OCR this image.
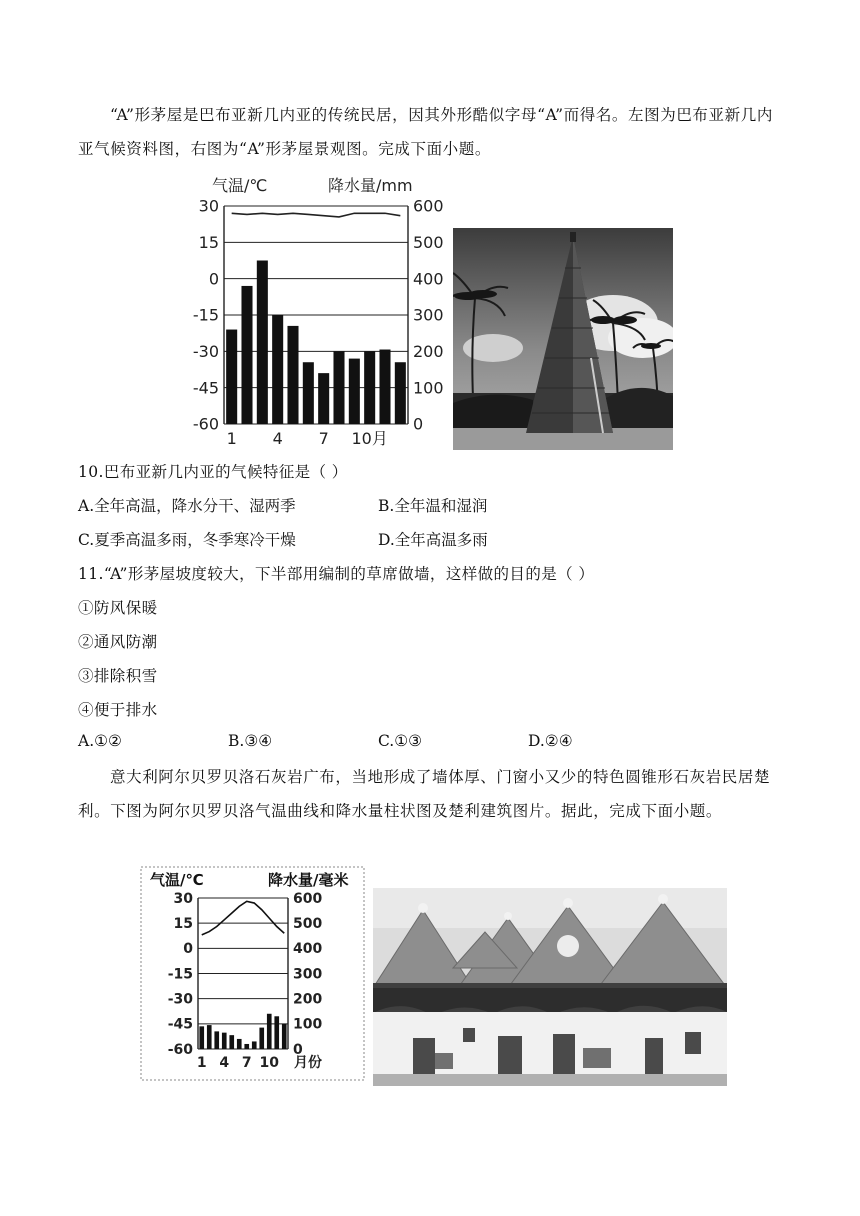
“A”形茅屋是巴布亚新几内亚的传统民居，因其外形酷似字母“A”而得名。左图为巴布亚新几内亚气候资料图，右图为“A”形茅屋景观图。完成下面小题。
气温/℃	降水量/mm
30	600
15	500
0	400
-15	300
-30	200
-45	100
-60	0
1 4 7 10月
10.巴布亚新几内亚的气候特征是（ ）
A.全年高温，降水分干、湿两季	B.全年温和湿润
C.夏季高温多雨，冬季寒冷干燥	D.全年高温多雨
11.“A”形茅屋坡度较大，下半部用编制的草席做墙，这样做的目的是（ ）
①防风保暖
②通风防潮
③排除积雪
④便于排水
A.①②	B.③④	C.①③	D.②④
意大利阿尔贝罗贝洛石灰岩广布，当地形成了墙体厚、门窗小又少的特色圆锥形石灰岩民居楚利。下图为阿尔贝罗贝洛气温曲线和降水量柱状图及楚利建筑图片。据此，完成下面小题。
气温/℃	降水量/毫米
30	600
15	500
0	400
-15	300
-30	200
-45	100
-60	0
1 4 7 10 月份
